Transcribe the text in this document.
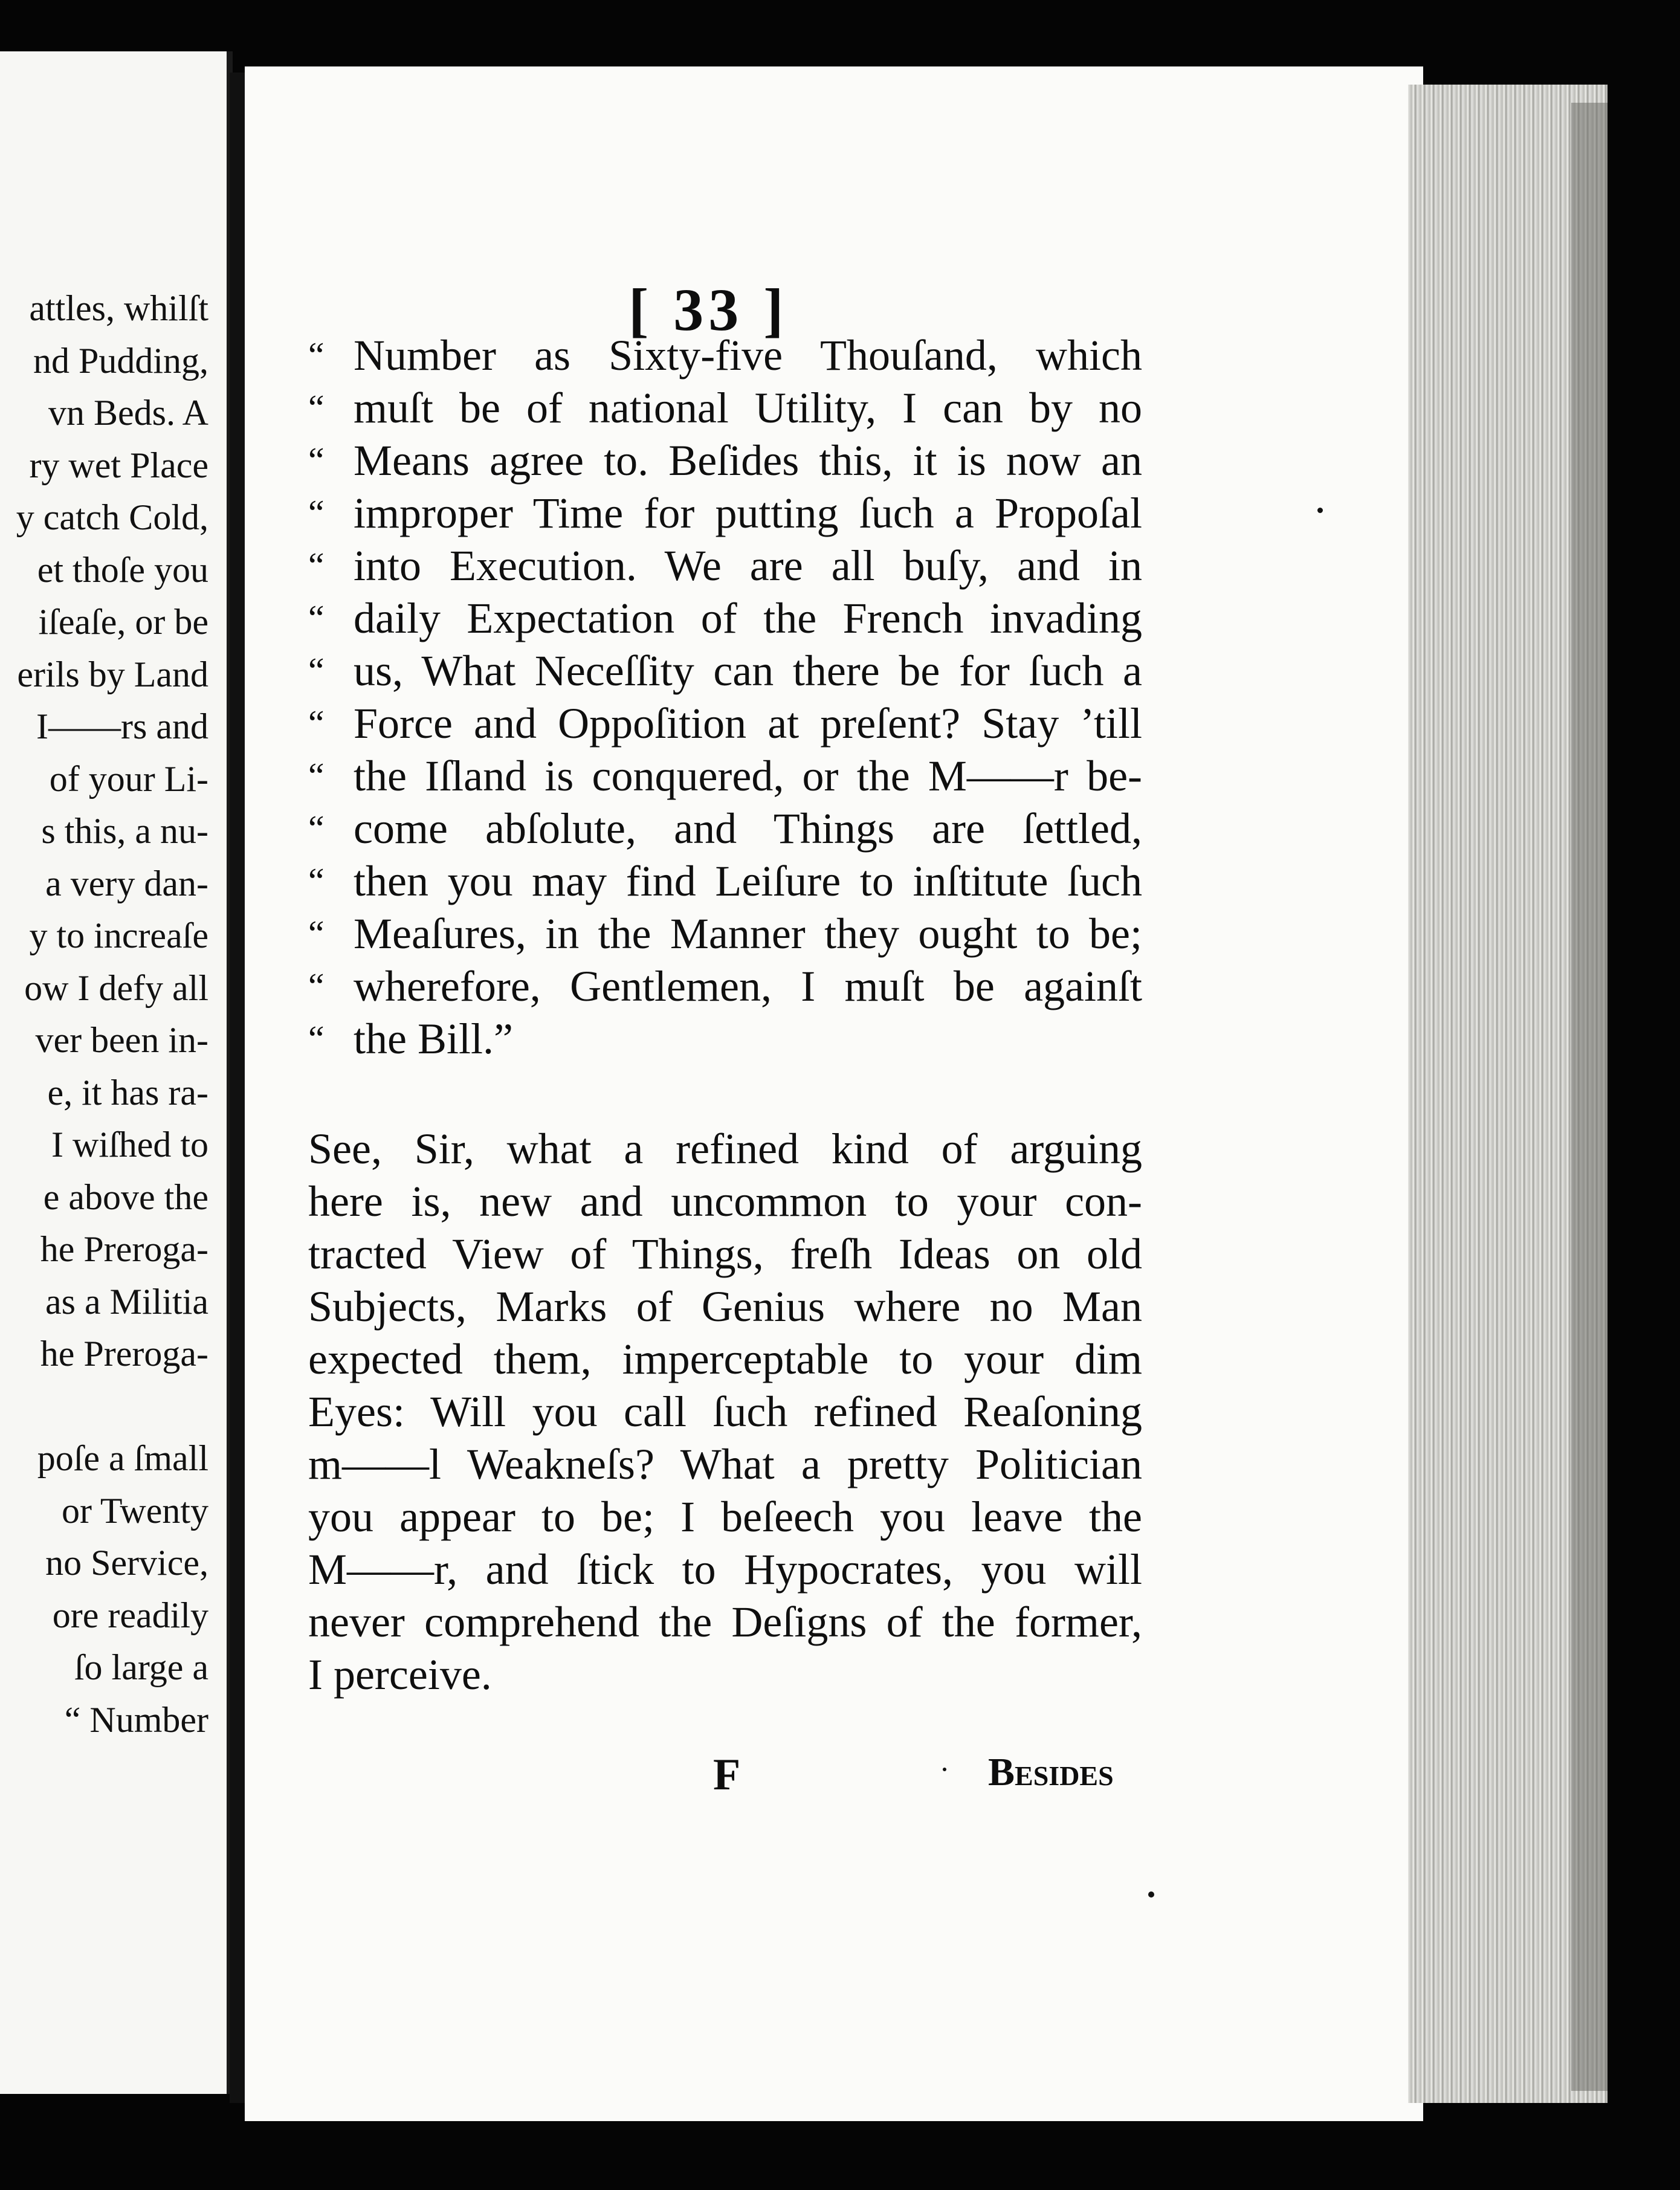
attles, whilſt
nd Pudding,
vn Beds. A
ry wet Place
y catch Cold,
et thoſe you
iſeaſe, or be
erils by Land
I——rs and
of your Li-
s this, a nu-
a very dan-
y to increaſe
ow I defy all
ver been in-
e, it has ra-
I wiſhed to
e above the
he Preroga-
as a Militia
he Preroga-
poſe a ſmall
or Twenty
no Service,
ore readily
ſo large a
“ Number
[ 33 ]
“ Number as Sixty-five Thouſand, which
“ muſt be of national Utility, I can by no
“ Means agree to. Beſides this, it is now an
“ improper Time for putting ſuch a Propoſal
“ into Execution. We are all buſy, and in
“ daily Expectation of the French invading
“ us, What Neceſſity can there be for ſuch a
“ Force and Oppoſition at preſent? Stay ’till
“ the Iſland is conquered, or the M——r be-
“ come abſolute, and Things are ſettled,
“ then you may find Leiſure to inſtitute ſuch
“ Meaſures, in the Manner they ought to be;
“ wherefore, Gentlemen, I muſt be againſt
“ the Bill.”
See, Sir, what a refined kind of arguing
here is, new and uncommon to your con-
tracted View of Things, freſh Ideas on old
Subjects, Marks of Genius where no Man
expected them, imperceptable to your dim
Eyes: Will you call ſuch refined Reaſoning
m——l Weakneſs? What a pretty Politician
you appear to be; I beſeech you leave the
M——r, and ſtick to Hypocrates, you will
never comprehend the Deſigns of the former,
I perceive.
F	Besides
